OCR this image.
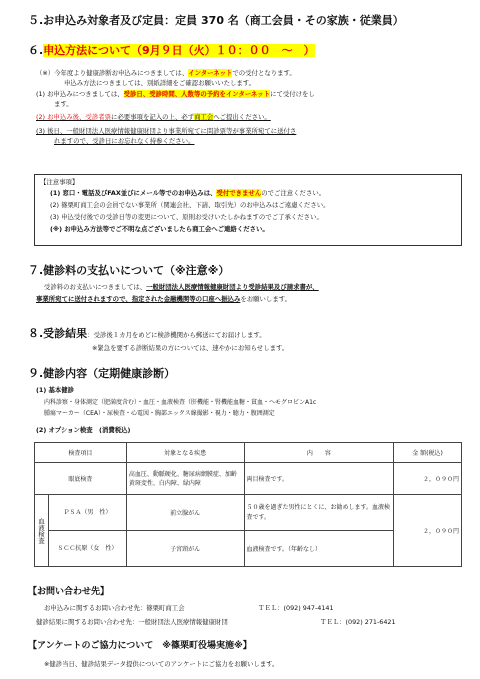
５.お申込み対象者及び定員：定員 370 名（商工会員・その家族・従業員）
６.申込方法について（9月９日（火）１０：００　～　）
（※）今年度より健康診断お申込みにつきましては、インターネットでの受付となります。
申込み方法につきましては、別紙詳細をご確認お願いいたします。
(1) お申込みにつきましては、受診日、受診時間、人数等の予約をインターネットにて受付けをし
ます。
(2) お申込み後、受診者票に必要事項を記入の上、必ず商工会へご提出ください。
(3) 後日、一般財団法人医療情報健康財団より事業所宛てに問診票等が事業所宛てに送付さ
れますので、受診日にお忘れなく持参ください。
【注意事項】
(1) 窓口・電話及びFAX並びにメール等でのお申込みは、受付できませんのでご注意ください。
(2) 篠栗町商工会の会員でない事業所（関連会社、下請、取引先）のお申込みはご遠慮ください。
(3) 申込受付後での受診日等の変更について、原則お受けいたしかねますのでご了承ください。
(※) お申込み方法等でご不明な点ございましたら商工会へご連絡ください。
７.健診料の支払いについて（※注意※）
受診料のお支払いにつきましては、一般財団法人医療情報健康財団より受診結果及び請求書が、
事業所宛てに送付されますので、指定された金融機関等の口座へ振込みをお願いします。
８.受診結果：受診後１カ月をめどに検診機関から郵送にてお届けします。
※緊急を要する診断結果の方については、速やかにお知らせします。
９.健診内容（定期健康診断）
(1) 基本健診
内科診察・身体測定（肥満度含む）・血圧・血液検査（肝機能・腎機能血糖・貧血・ヘモグロビンA1c
腫瘍マーカー（CEA）・尿検査・心電図・胸部エックス線撮影・視力・聴力・腹囲測定
(2) オプション検査　(消費税込)
検査項目		対象となる疾患	内　　容	金 額(税込)
眼底検査		高血圧、動脈硬化、糖尿病網膜症、加齢黄斑変性、白内障、緑内障	両目検査です。	２，０９０円
血液検査	ＰＳＡ（男　性）	前立腺がん	５０歳を過ぎた男性にとくに、お勧めします。血液検査です。	２，０９０円
	ＳＣＣ抗原（女　性）	子宮頸がん	血液検査です。（年齢なし）	
【お問い合わせ先】
お申込みに関するお問い合わせ先：篠栗町商工会	ＴＥＬ：(092) 947-4141
健診結果に関するお問い合わせ先：一般財団法人医療情報健康財団	ＴＥＬ：(092) 271-6421
【アンケートのご協力について　※篠栗町役場実施※】
※健診当日、健診結果データ提供についてのアンケートにご協力をお願いします。
